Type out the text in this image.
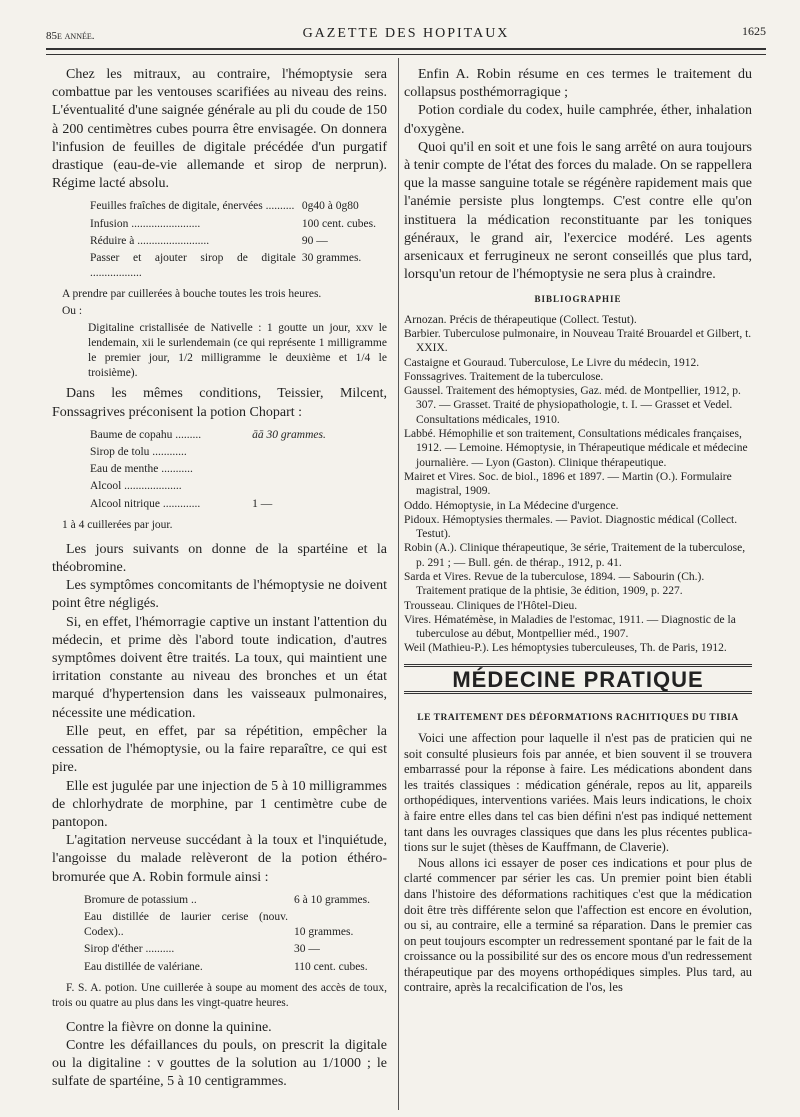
85e année.	GAZETTE DES HOPITAUX	1625

Chez les mitraux, au contraire, l'hémoptysie sera combattue par les ventouses scarifiées au niveau des reins. L'éventualité d'une saignée générale au pli du coude de 150 à 200 centimètres cubes pourra être envisagée. On donnera l'infusion de feuilles de digitale précédée d'un purgatif drastique (eau-de-vie allemande et sirop de nerprun). Régime lacté absolu.

Feuilles fraîches de digitale, énervées ..........	0g40 à 0g80
Infusion ........................	100 cent. cubes.
Réduire à .........................	90 —
Passer et ajouter sirop de digitale ..................	30 grammes.

A prendre par cuillerées à bouche toutes les trois heures.

Ou :

Digitaline cristallisée de Nativelle : 1 goutte un jour, xxv le lendemain, xii le surlendemain (ce qui représente 1 milligramme le premier jour, 1/2 milligramme le deuxième et 1/4 le troisième).

Dans les mêmes conditions, Teissier, Milcent, Fonssagrives préconisent la potion Chopart :

Baume de copahu .........	āā 30 grammes.
Sirop de tolu ............	
Eau de menthe ...........	
Alcool ....................	
Alcool nitrique .............	1 —

1 à 4 cuillerées par jour.

Les jours suivants on donne de la spartéine et la théobromine.

Les symptômes concomitants de l'hémoptysie ne doivent point être négligés.

Si, en effet, l'hémorragie captive un instant l'attention du médecin, et prime dès l'abord toute indication, d'autres symptômes doivent être traités. La toux, qui maintient une irritation constante au niveau des bronches et un état marqué d'hypertension dans les vaisseaux pulmonaires, nécessite une médication.

Elle peut, en effet, par sa répétition, empêcher la cessation de l'hémoptysie, ou la faire reparaître, ce qui est pire.

Elle est jugulée par une injection de 5 à 10 milligrammes de chlorhydrate de morphine, par 1 centimètre cube de pantopon.

L'agitation nerveuse succédant à la toux et l'inquiétude, l'angoisse du malade relèveront de la potion éthéro-bromurée que A. Robin formule ainsi :

Bromure de potassium ..	6 à 10 grammes.
Eau distillée de laurier cerise (nouv. Codex)..	10 grammes.
Sirop d'éther ..........	30 —
Eau distillée de valériane.	110 cent. cubes.

F. S. A. potion. Une cuillerée à soupe au moment des accès de toux, trois ou quatre au plus dans les vingt-quatre heures.

Contre la fièvre on donne la quinine.

Contre les défaillances du pouls, on prescrit la digitale ou la digitaline : v gouttes de la solution au 1/1000 ; le sulfate de spartéine, 5 à 10 centigrammes.

Enfin A. Robin résume en ces termes le traitement du collapsus posthémorragique ;

Potion cordiale du codex, huile camphrée, éther, inhalation d'oxygène.

Quoi qu'il en soit et une fois le sang arrêté on aura toujours à tenir compte de l'état des forces du malade. On se rappellera que la masse sanguine totale se régénère rapidement mais que l'anémie persiste plus longtemps. C'est contre elle qu'on instituera la médication reconstituante par les toniques généraux, le grand air, l'exercice modéré. Les agents arsenicaux et ferrugineux ne seront conseillés que plus tard, lorsqu'un retour de l'hémoptysie ne sera plus à craindre.

BIBLIOGRAPHIE

Arnozan. Précis de thérapeutique (Collect. Testut).

Barbier. Tuberculose pulmonaire, in Nouveau Traité Brouardel et Gilbert, t. XXIX.

Castaigne et Gouraud. Tuberculose, Le Livre du médecin, 1912.

Fonssagrives. Traitement de la tuberculose.

Gaussel. Traitement des hémoptysies, Gaz. méd. de Montpellier, 1912, p. 307. — Grasset. Traité de physiopathologie, t. I. — Grasset et Vedel. Consultations médicales, 1910.

Labbé. Hémophilie et son traitement, Consultations médicales françaises, 1912. — Lemoine. Hémoptysie, in Thérapeutique médicale et médecine journalière. — Lyon (Gaston). Clinique thérapeutique.

Mairet et Vires. Soc. de biol., 1896 et 1897. — Martin (O.). Formulaire magistral, 1909.

Oddo. Hémoptysie, in La Médecine d'urgence.

Pidoux. Hémoptysies thermales. — Paviot. Diagnostic médical (Collect. Testut).

Robin (A.). Clinique thérapeutique, 3e série, Traitement de la tuberculose, p. 291 ; — Bull. gén. de thérap., 1912, p. 41.

Sarda et Vires. Revue de la tuberculose, 1894. — Sabourin (Ch.). Traitement pratique de la phtisie, 3e édition, 1909, p. 227.

Trousseau. Cliniques de l'Hôtel-Dieu.

Vires. Hématémèse, in Maladies de l'estomac, 1911. — Diagnostic de la tuberculose au début, Montpellier méd., 1907.

Weil (Mathieu-P.). Les hémoptysies tuberculeuses, Th. de Paris, 1912.

MÉDECINE PRATIQUE
LE TRAITEMENT DES DÉFORMATIONS RACHITIQUES DU TIBIA

Voici une affection pour laquelle il n'est pas de praticien qui ne soit consulté plusieurs fois par année, et bien souvent il se trouvera embarrassé pour la réponse à faire. Les médications abondent dans les traités classiques : médication générale, repos au lit, appareils orthopédiques, interventions variées. Mais leurs indications, le choix à faire entre elles dans tel cas bien défini n'est pas indiqué nettement tant dans les ouvrages classiques que dans les plus récentes publications sur le sujet (thèses de Kauffmann, de Claverie).

Nous allons ici essayer de poser ces indications et pour plus de clarté commencer par sérier les cas. Un premier point bien établi dans l'histoire des déformations rachitiques c'est que la médication doit être très différente selon que l'affection est encore en évolution, ou si, au contraire, elle a terminé sa réparation. Dans le premier cas on peut toujours escompter un redressement spontané par le fait de la croissance ou la possibilité sur des os encore mous d'un redressement thérapeutique par des moyens orthopédiques simples. Plus tard, au contraire, après la recalcification de l'os, les
